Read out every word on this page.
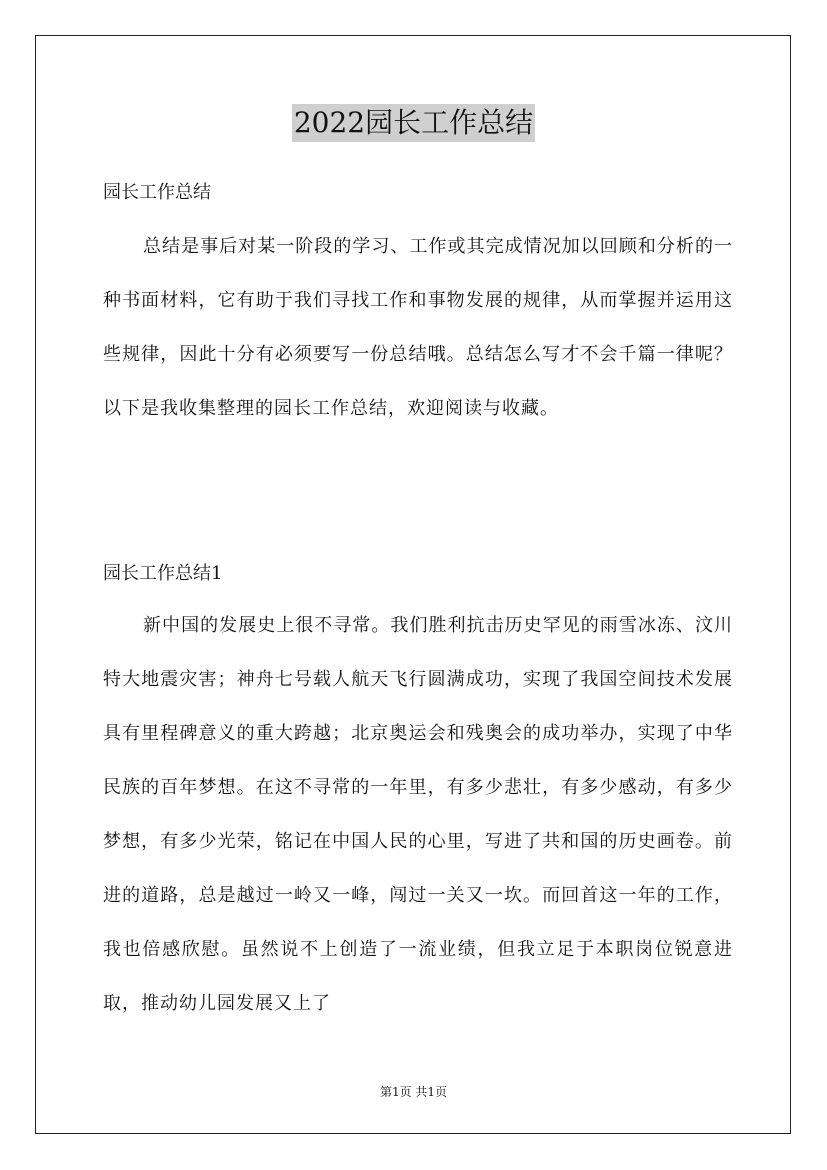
2022园长工作总结
园长工作总结

总结是事后对某一阶段的学习、工作或其完成情况加以回顾和分析的一种书面材料，它有助于我们寻找工作和事物发展的规律，从而掌握并运用这些规律，因此十分有必须要写一份总结哦。总结怎么写才不会千篇一律呢？以下是我收集整理的园长工作总结，欢迎阅读与收藏。

园长工作总结1

新中国的发展史上很不寻常。我们胜利抗击历史罕见的雨雪冰冻、汶川特大地震灾害；神舟七号载人航天飞行圆满成功，实现了我国空间技术发展具有里程碑意义的重大跨越；北京奥运会和残奥会的成功举办，实现了中华民族的百年梦想。在这不寻常的一年里，有多少悲壮，有多少感动，有多少梦想，有多少光荣，铭记在中国人民的心里，写进了共和国的历史画卷。前进的道路，总是越过一岭又一峰，闯过一关又一坎。而回首这一年的工作，我也倍感欣慰。虽然说不上创造了一流业绩，但我立足于本职岗位锐意进取，推动幼儿园发展又上了

第1页 共1页
